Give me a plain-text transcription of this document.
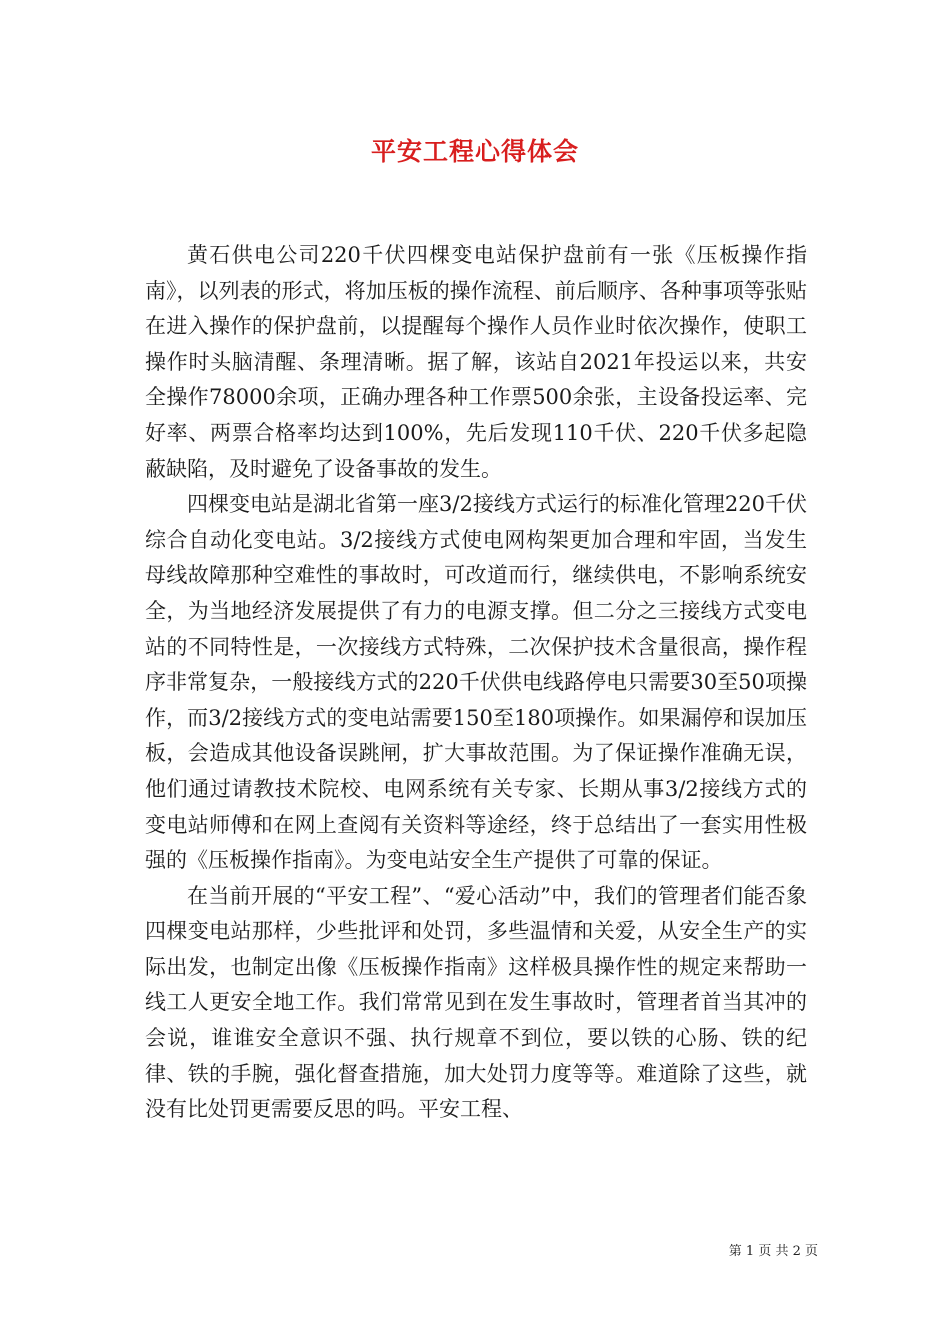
平安工程心得体会

黄石供电公司220千伏四棵变电站保护盘前有一张《压板操作指南》，以列表的形式，将加压板的操作流程、前后顺序、各种事项等张贴在进入操作的保护盘前，以提醒每个操作人员作业时依次操作，使职工操作时头脑清醒、条理清晰。据了解，该站自2021年投运以来，共安全操作78000余项，正确办理各种工作票500余张，主设备投运率、完好率、两票合格率均达到100%，先后发现110千伏、220千伏多起隐蔽缺陷，及时避免了设备事故的发生。

四棵变电站是湖北省第一座3/2接线方式运行的标准化管理220千伏综合自动化变电站。3/2接线方式使电网构架更加合理和牢固，当发生母线故障那种空难性的事故时，可改道而行，继续供电，不影响系统安全，为当地经济发展提供了有力的电源支撑。但二分之三接线方式变电站的不同特性是，一次接线方式特殊，二次保护技术含量很高，操作程序非常复杂，一般接线方式的220千伏供电线路停电只需要30至50项操作，而3/2接线方式的变电站需要150至180项操作。如果漏停和误加压板，会造成其他设备误跳闸，扩大事故范围。为了保证操作准确无误，他们通过请教技术院校、电网系统有关专家、长期从事3/2接线方式的变电站师傅和在网上查阅有关资料等途经，终于总结出了一套实用性极强的《压板操作指南》。为变电站安全生产提供了可靠的保证。

在当前开展的“平安工程”、“爱心活动”中，我们的管理者们能否象四棵变电站那样，少些批评和处罚，多些温情和关爱，从安全生产的实际出发，也制定出像《压板操作指南》这样极具操作性的规定来帮助一线工人更安全地工作。我们常常见到在发生事故时，管理者首当其冲的会说，谁谁安全意识不强、执行规章不到位，要以铁的心肠、铁的纪律、铁的手腕，强化督查措施，加大处罚力度等等。难道除了这些，就没有比处罚更需要反思的吗。平安工程、

第 1 页 共 2 页
